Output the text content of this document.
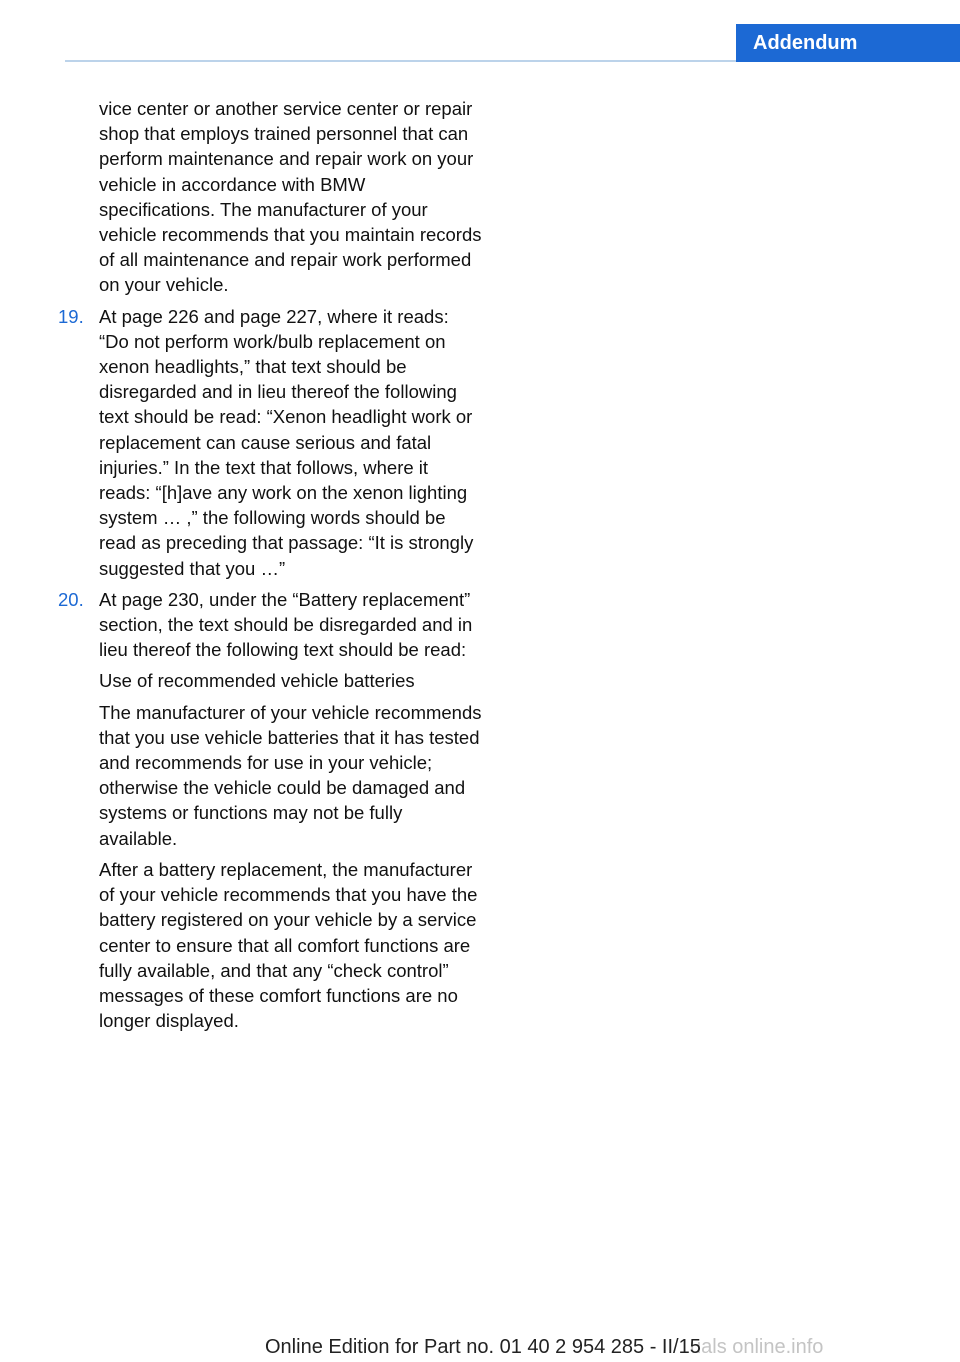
Addendum

vice center or another service center or repair shop that employs trained personnel that can perform maintenance and repair work on your vehicle in accordance with BMW specifications. The manufacturer of your vehicle recommends that you maintain records of all maintenance and repair work performed on your vehicle.

19. At page 226 and page 227, where it reads: “Do not perform work/bulb replacement on xenon headlights,” that text should be disregarded and in lieu thereof the following text should be read: “Xenon headlight work or replacement can cause serious and fatal injuries.” In the text that follows, where it reads: “[h]ave any work on the xenon lighting system … ,” the following words should be read as preceding that passage: “It is strongly suggested that you …”
20. At page 230, under the “Battery replacement” section, the text should be disregarded and in lieu thereof the following text should be read:

Use of recommended vehicle batteries

The manufacturer of your vehicle recommends that you use vehicle batteries that it has tested and recommends for use in your vehicle; otherwise the vehicle could be damaged and systems or functions may not be fully available.

After a battery replacement, the manufacturer of your vehicle recommends that you have the battery registered on your vehicle by a service center to ensure that all comfort functions are fully available, and that any “check control” messages of these comfort functions are no longer displayed.

uals online.info
Online Edition for Part no. 01 40 2 954 285 - II/15
